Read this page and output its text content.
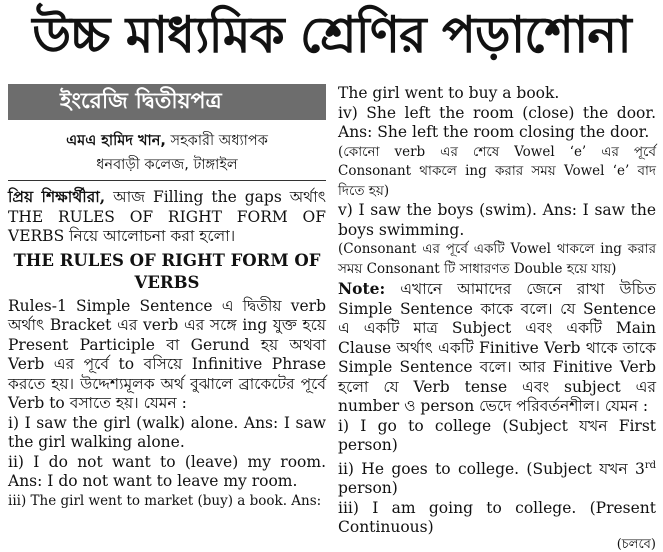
উচ্চ মাধ্যমিক শ্রেণির পড়াশোনা
ইংরেজি দ্বিতীয়পত্র
এমএ হামিদ খান, সহকারী অধ্যাপক
ধনবাড়ী কলেজ, টাঙ্গাইল
প্রিয় শিক্ষার্থীরা, আজ Filling the gaps অর্থাৎ THE RULES OF RIGHT FORM OF VERBS নিয়ে আলোচনা করা হলো।
THE RULES OF RIGHT FORM OF VERBS
Rules-1 Simple Sentence এ দ্বিতীয় verb অর্থাৎ Bracket এর verb এর সঙ্গে ing যুক্ত হয়ে Present Participle বা Gerund হয় অথবা Verb এর পূর্বে to বসিয়ে Infinitive Phrase করতে হয়। উদ্দেশ্যমূলক অর্থ বুঝালে ব্রাকেটের পূর্বে Verb to বসাতে হয়। যেমন :
i) I saw the girl (walk) alone. Ans: I saw the girl walking alone.
ii) I do not want to (leave) my room. Ans: I do not want to leave my room.
iii) The girl went to market (buy) a book. Ans:
The girl went to buy a book.
iv) She left the room (close) the door. Ans: She left the room closing the door.
(কোনো verb এর শেষে Vowel ‘e’ এর পূর্বে Consonant থাকলে ing করার সময় Vowel ‘e’ বাদ দিতে হয়)
v) I saw the boys (swim). Ans: I saw the boys swimming.
(Consonant এর পূর্বে একটি Vowel থাকলে ing করার সময় Consonant টি সাধারণত Double হয়ে যায়)
Note: এখানে আমাদের জেনে রাখা উচিত Simple Sentence কাকে বলে। যে Sentence এ একটি মাত্র Subject এবং একটি Main Clause অর্থাৎ একটি Finitive Verb থাকে তাকে Simple Sentence বলে। আর Finitive Verb হলো যে Verb tense এবং subject এর number ও person ভেদে পরিবর্তনশীল। যেমন :
i) I go to college (Subject যখন First person)
ii) He goes to college. (Subject যখন 3rd person)
iii) I am going to college. (Present Continuous)
(চলবে)
